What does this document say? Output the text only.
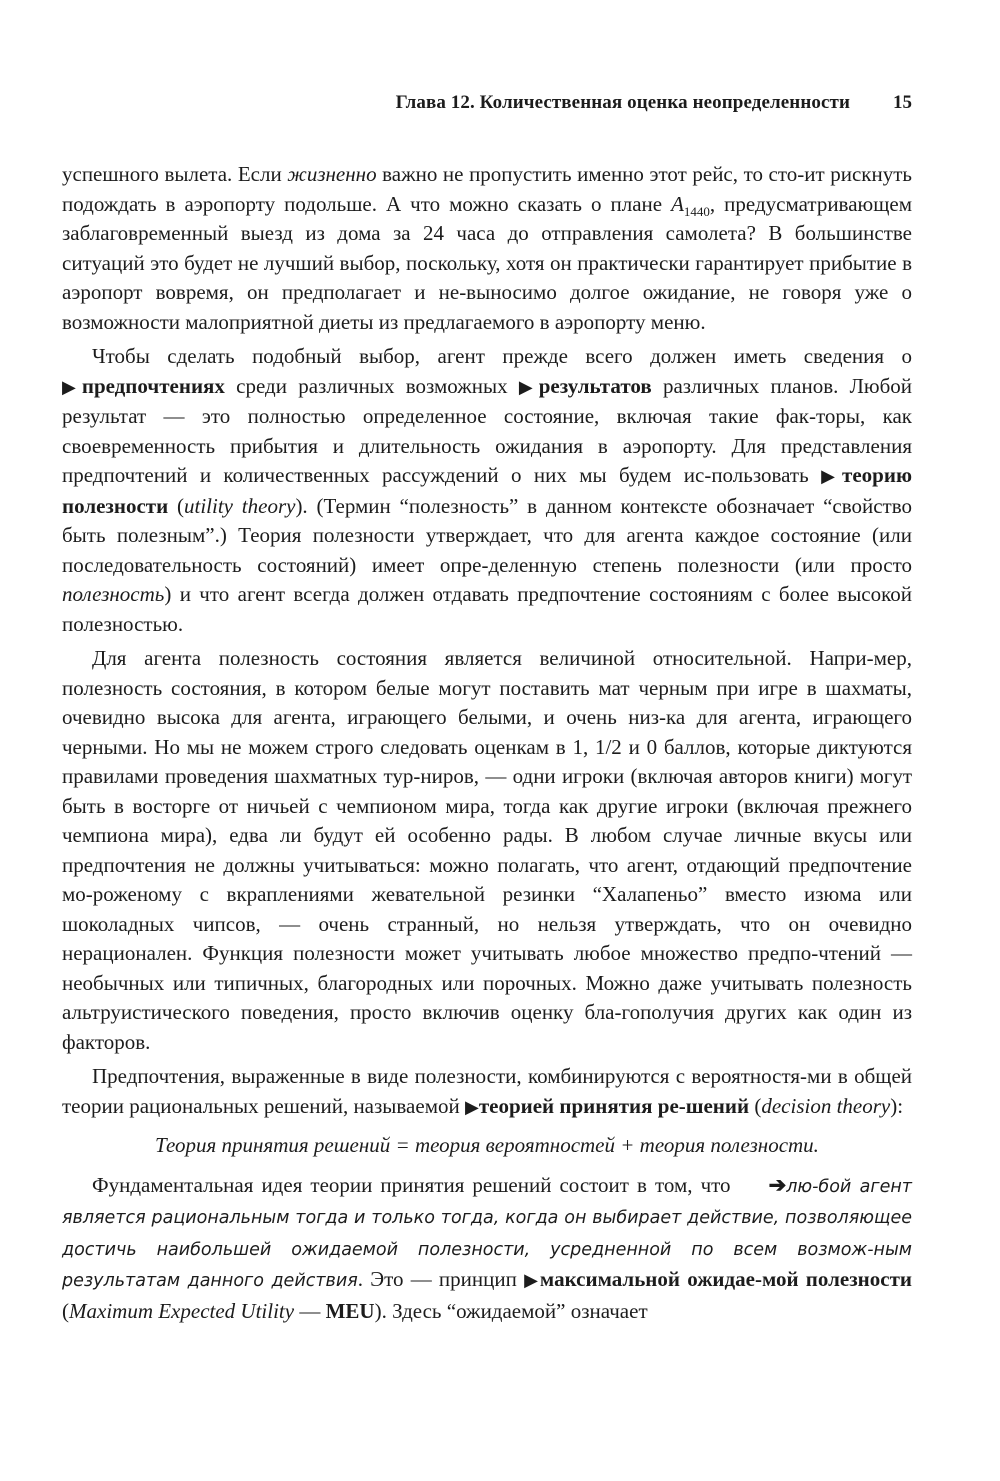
Глава 12. Количественная оценка неопределенности 15

успешного вылета. Если жизненно важно не пропустить именно этот рейс, то сто-ит рискнуть подождать в аэропорту подольше. А что можно сказать о плане $A_{1440}$, предусматривающем заблаговременный выезд из дома за 24 часа до отправления самолета? В большинстве ситуаций это будет не лучший выбор, поскольку, хотя он практически гарантирует прибытие в аэропорт вовремя, он предполагает и не-выносимо долгое ожидание, не говоря уже о возможности малоприятной диеты из предлагаемого в аэропорту меню.

Чтобы сделать подобный выбор, агент прежде всего должен иметь сведения о ▶предпочтениях среди различных возможных ▶результатов различных планов. Любой результат — это полностью определенное состояние, включая такие фак-торы, как своевременность прибытия и длительность ожидания в аэропорту. Для представления предпочтений и количественных рассуждений о них мы будем ис-пользовать ▶теорию полезности (utility theory). (Термин “полезность” в данном контексте обозначает “свойство быть полезным”.) Теория полезности утверждает, что для агента каждое состояние (или последовательность состояний) имеет опре-деленную степень полезности (или просто полезность) и что агент всегда должен отдавать предпочтение состояниям с более высокой полезностью.

Для агента полезность состояния является величиной относительной. Напри-мер, полезность состояния, в котором белые могут поставить мат черным при игре в шахматы, очевидно высока для агента, играющего белыми, и очень низ-ка для агента, играющего черными. Но мы не можем строго следовать оценкам в 1, 1/2 и 0 баллов, которые диктуются правилами проведения шахматных тур-ниров, — одни игроки (включая авторов книги) могут быть в восторге от ничьей с чемпионом мира, тогда как другие игроки (включая прежнего чемпиона мира), едва ли будут ей особенно рады. В любом случае личные вкусы или предпочтения не должны учитываться: можно полагать, что агент, отдающий предпочтение мо-роженому с вкраплениями жевательной резинки “Халапеньо” вместо изюма или шоколадных чипсов, — очень странный, но нельзя утверждать, что он очевидно нерационален. Функция полезности может учитывать любое множество предпо-чтений — необычных или типичных, благородных или порочных. Можно даже учитывать полезность альтруистического поведения, просто включив оценку бла-гополучия других как один из факторов.

Предпочтения, выраженные в виде полезности, комбинируются с вероятностя-ми в общей теории рациональных решений, называемой ▶теорией принятия ре-шений (decision theory):

Теория принятия решений = теория вероятностей + теория полезности.

Фундаментальная идея теории принятия решений состоит в том, что ➔лю-бой агент является рациональным тогда и только тогда, когда он выбирает действие, позволяющее достичь наибольшей ожидаемой полезности, усредненной по всем возмож-ным результатам данного действия. Это — принцип ▶максимальной ожидае-мой полезности (Maximum Expected Utility — MEU). Здесь “ожидаемой” означает
